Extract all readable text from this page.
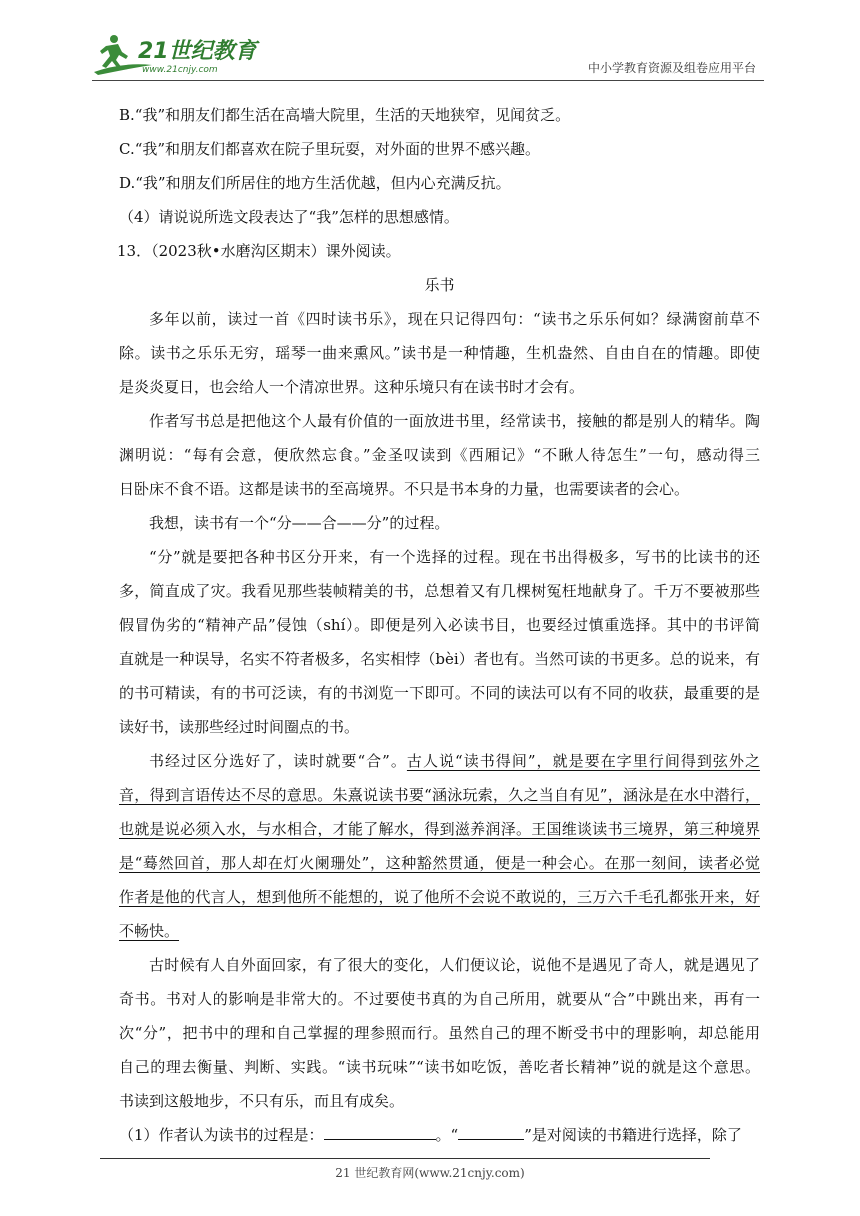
21世纪教育
www.21cnjy.com	中小学教育资源及组卷应用平台
B.“我”和朋友们都生活在高墙大院里，生活的天地狭窄，见闻贫乏。
C.“我”和朋友们都喜欢在院子里玩耍，对外面的世界不感兴趣。
D.“我”和朋友们所居住的地方生活优越，但内心充满反抗。
（4）请说说所选文段表达了“我”怎样的思想感情。
13．（2023秋•水磨沟区期末）课外阅读。
乐书
多年以前，读过一首《四时读书乐》，现在只记得四句：“读书之乐乐何如？绿满窗前草不
除。读书之乐乐无穷，瑶琴一曲来熏风。”读书是一种情趣，生机盎然、自由自在的情趣。即使
是炎炎夏日，也会给人一个清凉世界。这种乐境只有在读书时才会有。
作者写书总是把他这个人最有价值的一面放进书里，经常读书，接触的都是别人的精华。陶
渊明说：“每有会意，便欣然忘食。”金圣叹读到《西厢记》“不瞅人待怎生”一句，感动得三
日卧床不食不语。这都是读书的至高境界。不只是书本身的力量，也需要读者的会心。
我想，读书有一个“分——合——分”的过程。
“分”就是要把各种书区分开来，有一个选择的过程。现在书出得极多，写书的比读书的还
多，简直成了灾。我看见那些装帧精美的书，总想着又有几棵树冤枉地献身了。千万不要被那些
假冒伪劣的“精神产品”侵蚀（shí）。即便是列入必读书目，也要经过慎重选择。其中的书评简
直就是一种误导，名实不符者极多，名实相悖（bèi）者也有。当然可读的书更多。总的说来，有
的书可精读，有的书可泛读，有的书浏览一下即可。不同的读法可以有不同的收获，最重要的是
读好书，读那些经过时间圈点的书。
书经过区分选好了，读时就要“合”。古人说“读书得间”，就是要在字里行间得到弦外之
音，得到言语传达不尽的意思。朱熹说读书要“涵泳玩索，久之当自有见”，涵泳是在水中潜行，
也就是说必须入水，与水相合，才能了解水，得到滋养润泽。王国维谈读书三境界，第三种境界
是“蓦然回首，那人却在灯火阑珊处”，这种豁然贯通，便是一种会心。在那一刻间，读者必觉
作者是他的代言人，想到他所不能想的，说了他所不会说不敢说的，三万六千毛孔都张开来，好
不畅快。
古时候有人自外面回家，有了很大的变化，人们便议论，说他不是遇见了奇人，就是遇见了
奇书。书对人的影响是非常大的。不过要使书真的为自己所用，就要从“合”中跳出来，再有一
次“分”，把书中的理和自己掌握的理参照而行。虽然自己的理不断受书中的理影响，却总能用
自己的理去衡量、判断、实践。“读书玩味”“读书如吃饭，善吃者长精神”说的就是这个意思。
书读到这般地步，不只有乐，而且有成矣。
（1）作者认为读书的过程是：	。“	”是对阅读的书籍进行选择，除了
21 世纪教育网(www.21cnjy.com)
